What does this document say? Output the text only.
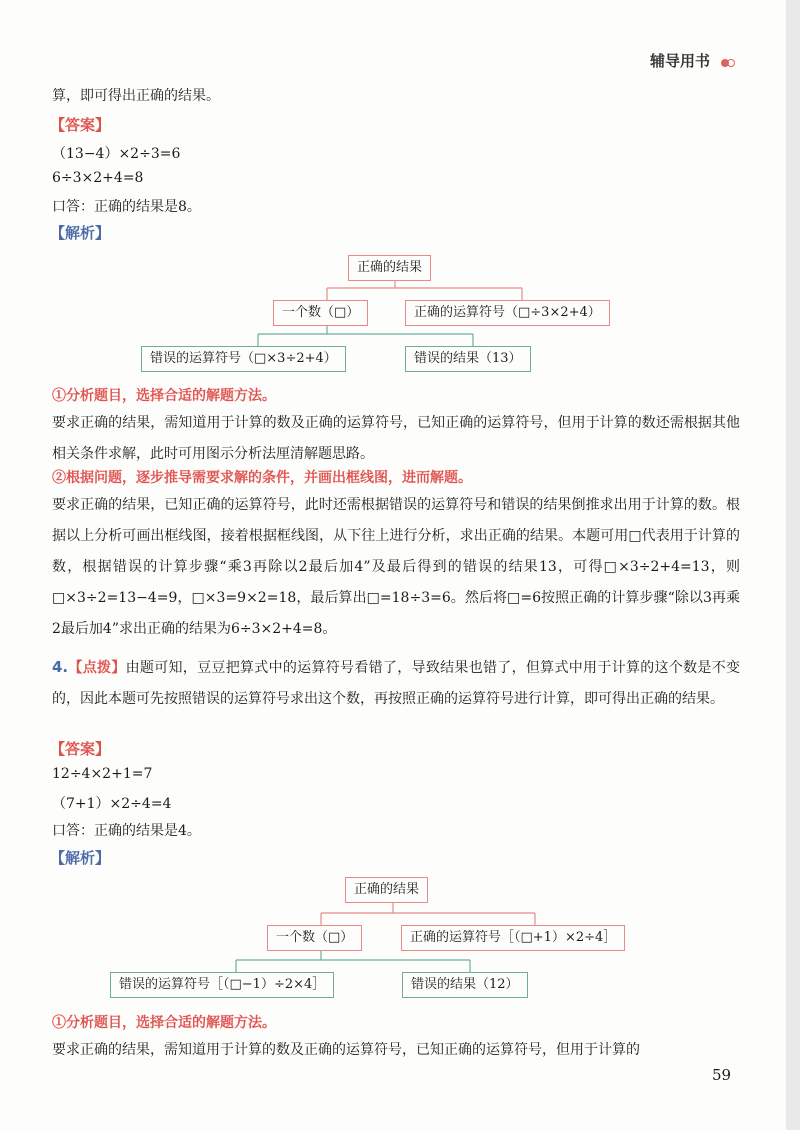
辅导用书
算，即可得出正确的结果。
【答案】
（13−4）×2÷3=6
6÷3×2+4=8
口答：正确的结果是8。
【解析】
正确的结果
一个数（□）	正确的运算符号（□÷3×2+4）
错误的运算符号（□×3÷2+4）	错误的结果（13）
①分析题目，选择合适的解题方法。
要求正确的结果，需知道用于计算的数及正确的运算符号，已知正确的运算符号，但用于计算的数还需根据其他相关条件求解，此时可用图示分析法厘清解题思路。
②根据问题，逐步推导需要求解的条件，并画出框线图，进而解题。
要求正确的结果，已知正确的运算符号，此时还需根据错误的运算符号和错误的结果倒推求出用于计算的数。根据以上分析可画出框线图，接着根据框线图，从下往上进行分析，求出正确的结果。本题可用□代表用于计算的数，根据错误的计算步骤“乘3再除以2最后加4”及最后得到的错误的结果13，可得□×3÷2+4=13，则□×3÷2=13−4=9，□×3=9×2=18，最后算出□=18÷3=6。然后将□=6按照正确的计算步骤“除以3再乘2最后加4”求出正确的结果为6÷3×2+4=8。
4.【点拨】由题可知，豆豆把算式中的运算符号看错了，导致结果也错了，但算式中用于计算的这个数是不变的，因此本题可先按照错误的运算符号求出这个数，再按照正确的运算符号进行计算，即可得出正确的结果。
【答案】
12÷4×2+1=7
（7+1）×2÷4=4
口答：正确的结果是4。
【解析】
正确的结果
一个数（□）	正确的运算符号［（□+1）×2÷4］
错误的运算符号［（□−1）÷2×4］	错误的结果（12）
①分析题目，选择合适的解题方法。
要求正确的结果，需知道用于计算的数及正确的运算符号，已知正确的运算符号，但用于计算的
59
